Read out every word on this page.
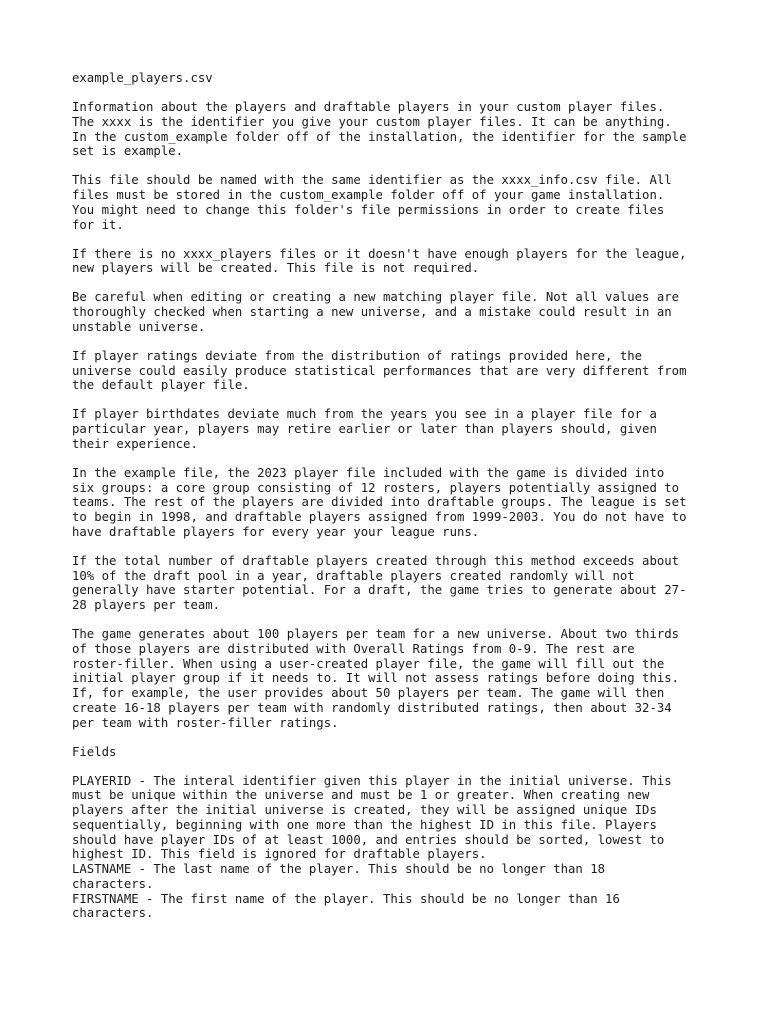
example_players.csv
Information about the players and draftable players in your custom player files.
The xxxx is the identifier you give your custom player files. It can be anything.
In the custom_example folder off of the installation, the identifier for the sample
set is example.
This file should be named with the same identifier as the xxxx_info.csv file. All
files must be stored in the custom_example folder off of your game installation.
You might need to change this folder's file permissions in order to create files
for it.
If there is no xxxx_players files or it doesn't have enough players for the league,
new players will be created. This file is not required.
Be careful when editing or creating a new matching player file. Not all values are
thoroughly checked when starting a new universe, and a mistake could result in an
unstable universe.
If player ratings deviate from the distribution of ratings provided here, the
universe could easily produce statistical performances that are very different from
the default player file.
If player birthdates deviate much from the years you see in a player file for a
particular year, players may retire earlier or later than players should, given
their experience.
In the example file, the 2023 player file included with the game is divided into
six groups: a core group consisting of 12 rosters, players potentially assigned to
teams. The rest of the players are divided into draftable groups. The league is set
to begin in 1998, and draftable players assigned from 1999-2003. You do not have to
have draftable players for every year your league runs.
If the total number of draftable players created through this method exceeds about
10% of the draft pool in a year, draftable players created randomly will not
generally have starter potential. For a draft, the game tries to generate about 27-
28 players per team.
The game generates about 100 players per team for a new universe. About two thirds
of those players are distributed with Overall Ratings from 0-9. The rest are
roster-filler. When using a user-created player file, the game will fill out the
initial player group if it needs to. It will not assess ratings before doing this.
If, for example, the user provides about 50 players per team. The game will then
create 16-18 players per team with randomly distributed ratings, then about 32-34
per team with roster-filler ratings.
Fields
PLAYERID - The interal identifier given this player in the initial universe. This
must be unique within the universe and must be 1 or greater. When creating new
players after the initial universe is created, they will be assigned unique IDs
sequentially, beginning with one more than the highest ID in this file. Players
should have player IDs of at least 1000, and entries should be sorted, lowest to
highest ID. This field is ignored for draftable players.
LASTNAME - The last name of the player. This should be no longer than 18
characters.
FIRSTNAME - The first name of the player. This should be no longer than 16
characters.
